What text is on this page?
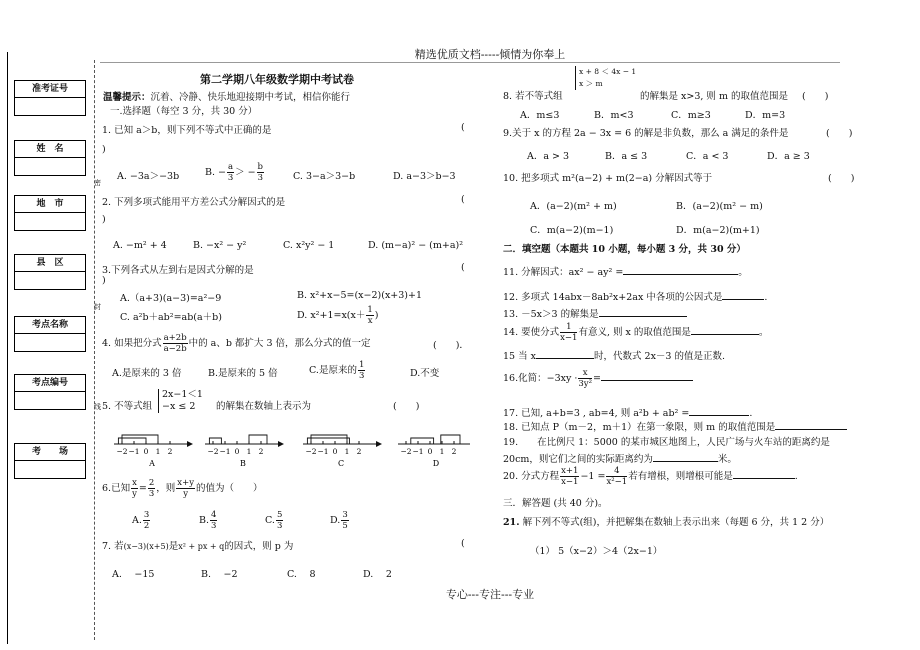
精选优质文档-----倾情为你奉上
专心---专注---专业
准考证号
姓　名
地　市
县　区
考点名称
考点编号
考　　场
密
封
线
第二学期八年级数学期中考试卷
温馨提示：沉着、冷静、快乐地迎接期中考试，相信你能行
一.选择题（每空 3 分，共 30 分）
1. 已知 a＞b，则下列不等式中正确的是	(
)
A. −3a＞−3b	B. − $\frac{a}{3}$ ＞ − $\frac{b}{3}$	C. 3−a＞3−b	D. a−3＞b−3
2. 下列多项式能用平方差公式分解因式的是	(
)
A. −m² + 4	B. −x² − y²	C. x²y² − 1	D. (m−a)² − (m+a)²
3.下列各式从左到右是因式分解的是	(
)
A.（a+3)(a−3)=a²−9	B. x²+x−5=(x−2)(x+3)+1
C. a²b＋ab²=ab(a＋b)	D. $x^2+1=x(x+ \frac{1}{x}$ )
4. 如果把分式 $\frac{a+2b}{a-2b}$ 中的 a、b 都扩大 3 倍，那么分式的值一定	(　　)．
A.是原来的 3 倍	B.是原来的 5 倍	C.是原来的 $\frac{1}{3}$	D.不变
5. 不等式组
2x−1＜1
−x ≤ 2	的解集在数轴上表示为	(　　)
−2 −1 0 1 2
A
−2 −1 0 1 2
B
−2 −1 0 1 2
C
−2 −1 0 1 2
D
6.已知 $\frac{x}{y} = \frac{2}{3}$ ，则 $\frac{x+y}{y}$ 的值为（　　）
A. $\frac{3}{2}$	B. $\frac{4}{3}$	C. $\frac{5}{3}$	D. $\frac{3}{5}$
7. 若(x−3)(x+5)是x² + px + q的因式，则 p 为	(
A.　 −15	B.　 −2	C.　 8	D.　 2
8. 若不等式组
x + 8 ＜ 4x − 1
x ＞ m
的解集是 x>3, 则 m 的取值范围是 (　　)
A．m≤3	B．m<3	C．m≥3	D．m=3
9.关于 x 的方程 2a − 3x = 6 的解是非负数，那么 a 满足的条件是	(　　)
A．a > 3	B．a ≤ 3	C．a < 3	D．a ≥ 3
10. 把多项式 m²(a−2) + m(2−a) 分解因式等于	(　　)
A．(a−2)(m² + m)	B．(a−2)(m² − m)
C．m(a−2)(m−1)	D．m(a−2)(m+1)
二．填空题（本题共 10 小题，每小题 3 分，共 30 分）
11. 分解因式：ax² − ay² =	。
12. 多项式 14abx－8ab²x+2ax 中各项的公因式是	.
13. －5x＞3 的解集是
14. 要使分式 $\frac{1}{x-1}$ 有意义, 则 x 的取值范围是	。
15 当 x	时，代数式 2x－3 的值是正数.
16.化简：$-3xy \cdot \frac{x}{\text{3y²}}$ =
17. 已知, a+b=3 , ab=4, 则 a²b + ab² =	.
18. 已知点 P（m－2，m＋1）在第一象限，则 m 的取值范围是
19.　　在比例尺 1：5000 的某市城区地图上，人民广场与火车站的距离约是
20cm，则它们之间的实际距离约为	米。
20. 分式方程 $\frac{x+1}{x-1} -1 = \frac{4}{\text{x²−1}}$ 若有增根，则增根可能是	.
三．解答题 (共 40 分)。
21. 解下列不等式(组)，并把解集在数轴上表示出来（每题 6 分，共 1 2 分）
（1） 5（x−2）＞4（2x−1）
